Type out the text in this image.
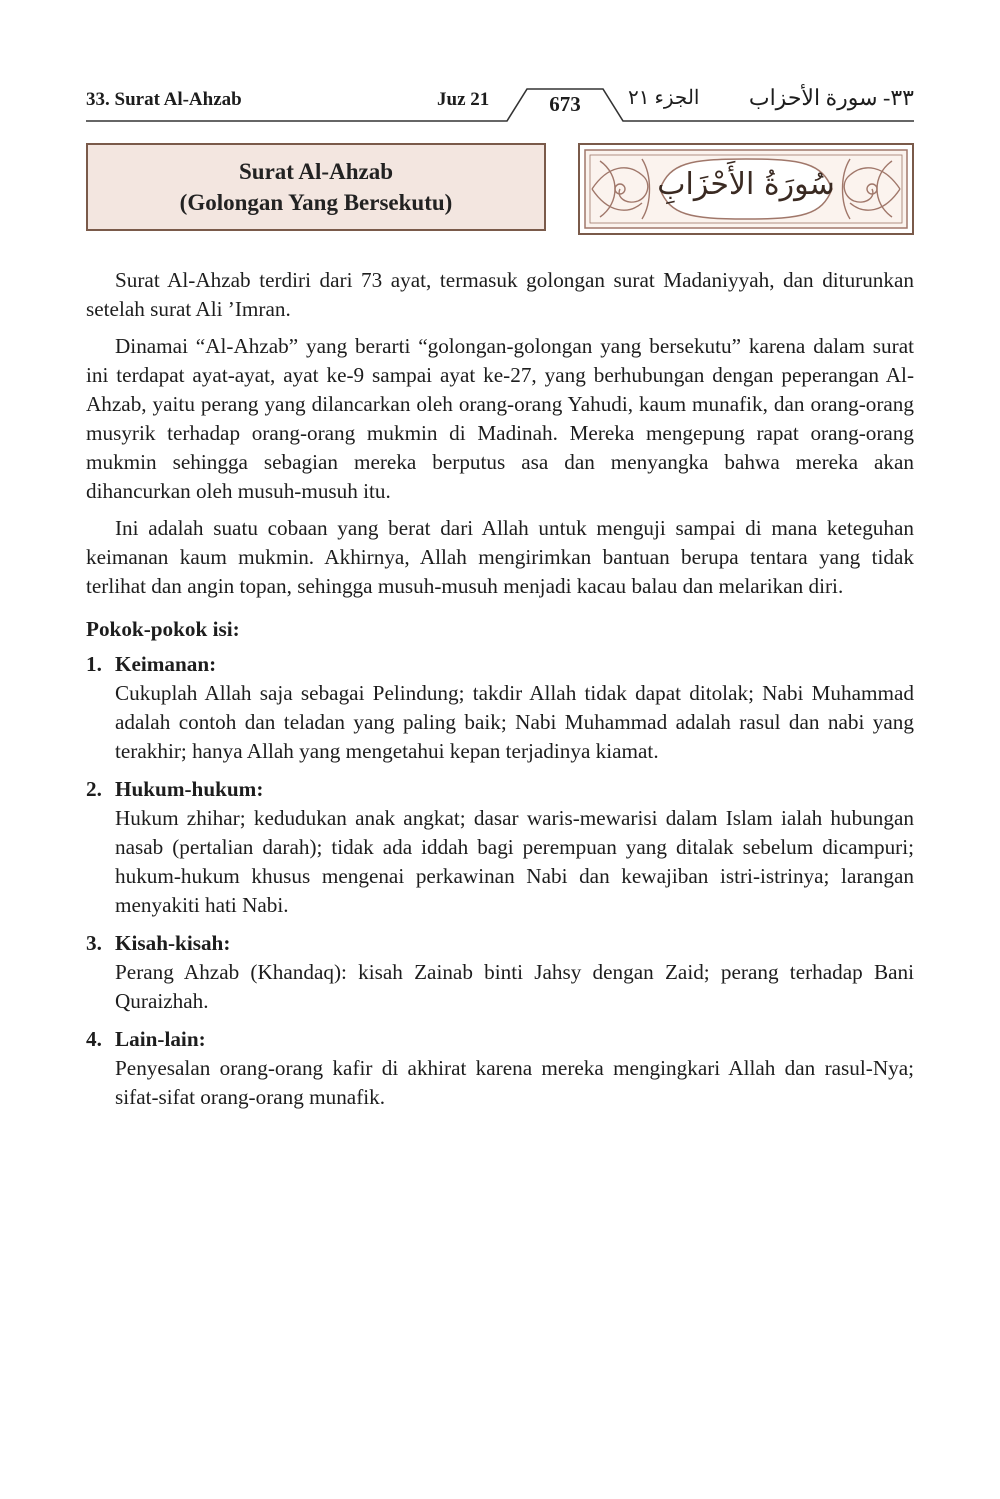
33. Surat Al-Ahzab	Juz 21	673	الجزء ٢١ ٣٣- سورة الأحزاب
Surat Al-Ahzab
(Golongan Yang Bersekutu)
سُورَةُ الأَحْزَابِ

Surat Al-Ahzab terdiri dari 73 ayat, termasuk golongan surat Madaniyyah, dan diturunkan setelah surat Ali ’Imran.

Dinamai “Al-Ahzab” yang berarti “golongan-golongan yang bersekutu” karena dalam surat ini terdapat ayat-ayat, ayat ke-9 sampai ayat ke-27, yang berhubungan dengan peperangan Al-Ahzab, yaitu perang yang dilancarkan oleh orang-orang Yahudi, kaum munafik, dan orang-orang musyrik terhadap orang-orang mukmin di Madinah. Mereka mengepung rapat orang-orang mukmin sehingga sebagian mereka berputus asa dan menyangka bahwa mereka akan dihancurkan oleh musuh-musuh itu.

Ini adalah suatu cobaan yang berat dari Allah untuk menguji sampai di mana keteguhan keimanan kaum mukmin. Akhirnya, Allah mengirimkan bantuan berupa tentara yang tidak terlihat dan angin topan, sehingga musuh-musuh menjadi kacau balau dan melarikan diri.

Pokok-pokok isi:
1. Keimanan:
Cukuplah Allah saja sebagai Pelindung; takdir Allah tidak dapat ditolak; Nabi Muhammad adalah contoh dan teladan yang paling baik; Nabi Muhammad adalah rasul dan nabi yang terakhir; hanya Allah yang mengetahui kepan terjadinya kiamat.
2. Hukum-hukum:
Hukum zhihar; kedudukan anak angkat; dasar waris-mewarisi dalam Islam ialah hubungan nasab (pertalian darah); tidak ada iddah bagi perempuan yang ditalak sebelum dicampuri; hukum-hukum khusus mengenai perkawinan Nabi dan kewajiban istri-istrinya; larangan menyakiti hati Nabi.
3. Kisah-kisah:
Perang Ahzab (Khandaq): kisah Zainab binti Jahsy dengan Zaid; perang terhadap Bani Quraizhah.
4. Lain-lain:
Penyesalan orang-orang kafir di akhirat karena mereka mengingkari Allah dan rasul-Nya; sifat-sifat orang-orang munafik.
